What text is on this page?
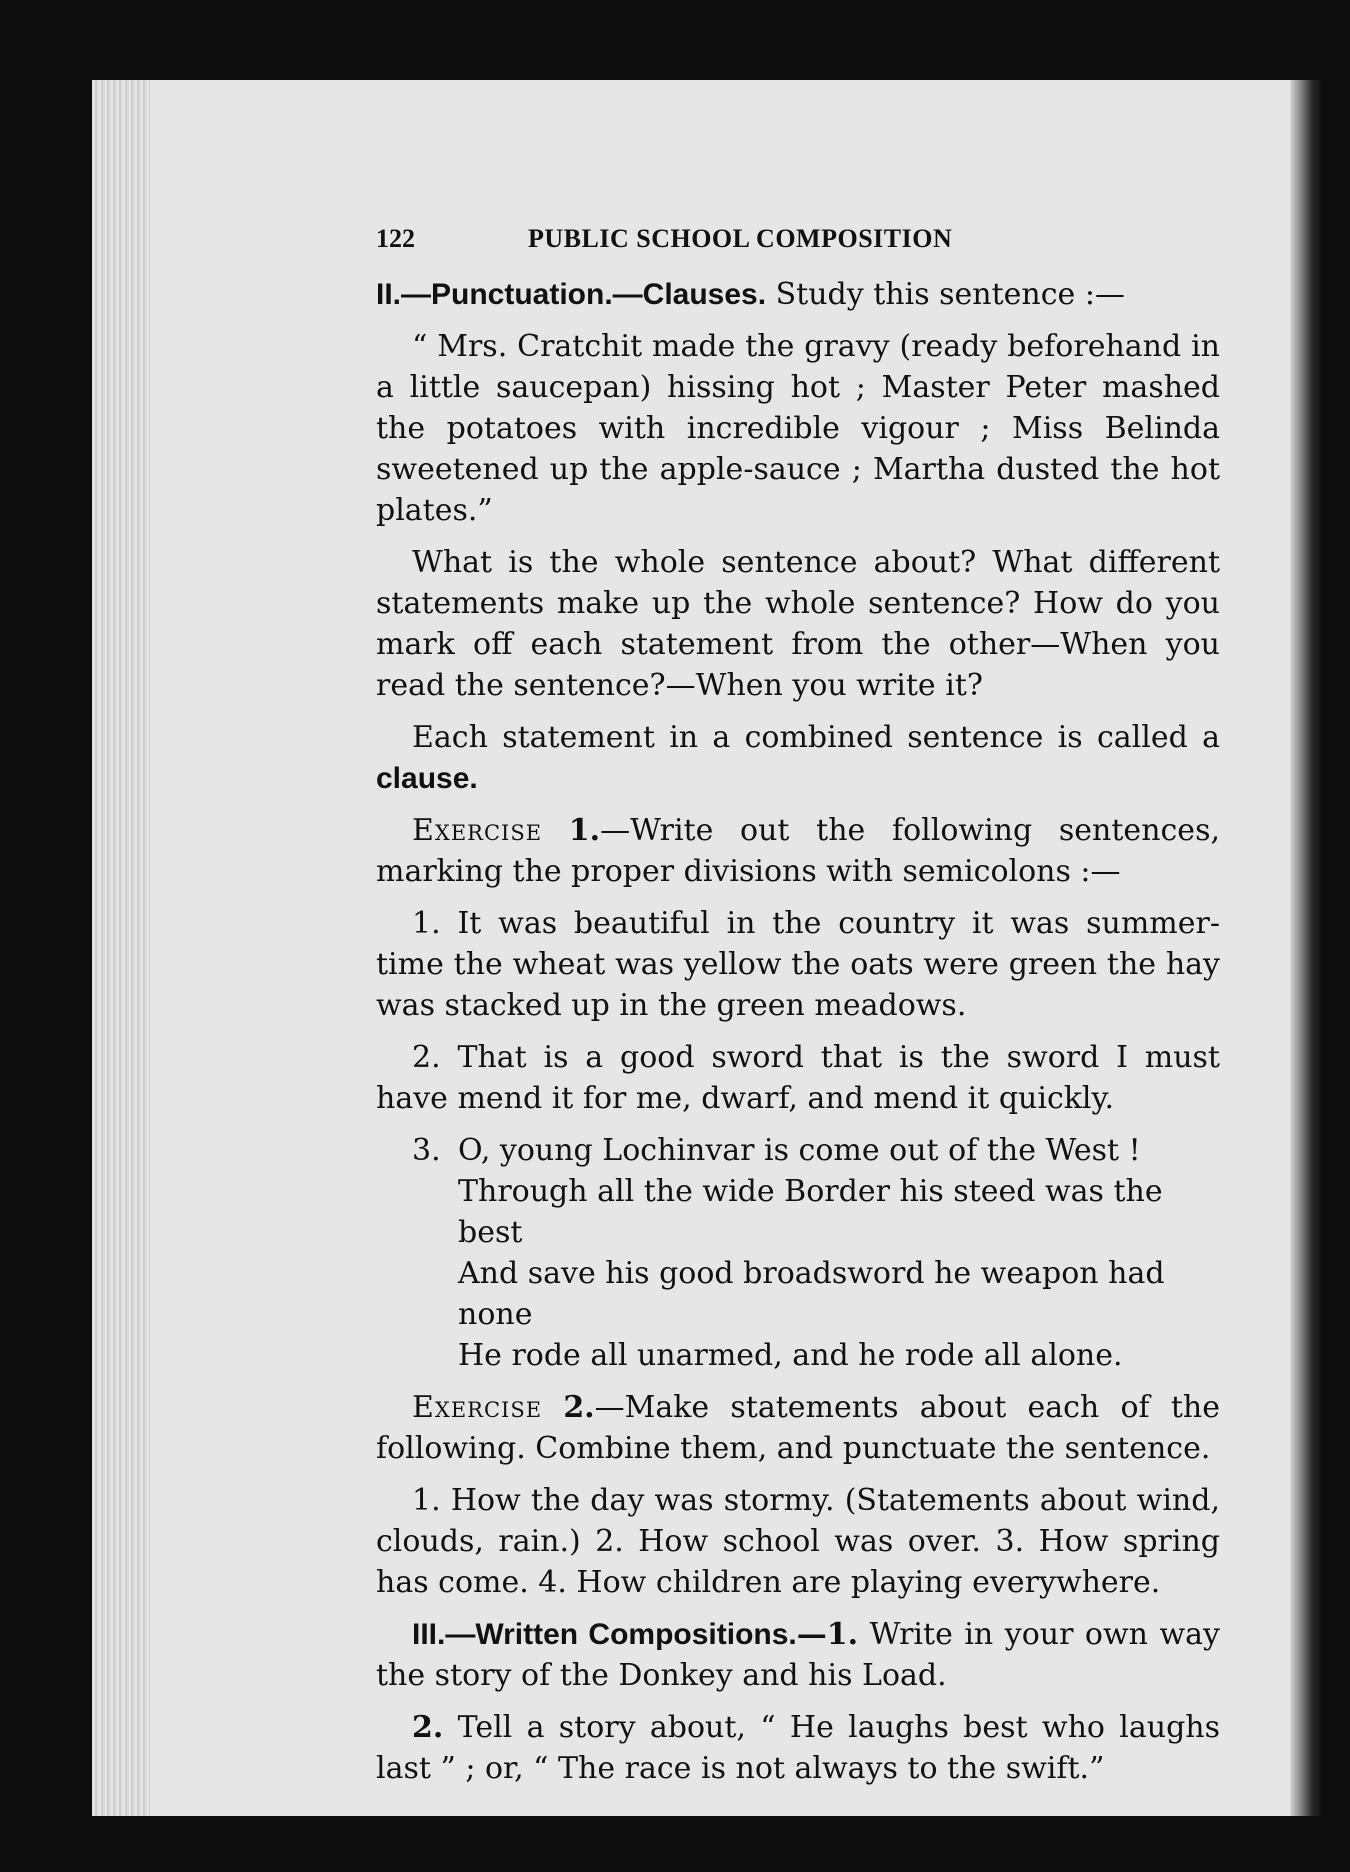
122	PUBLIC SCHOOL COMPOSITION

II.—Punctuation.—Clauses. Study this sentence :—

“ Mrs. Cratchit made the gravy (ready beforehand in a little saucepan) hissing hot ; Master Peter mashed the potatoes with incredible vigour ; Miss Belinda sweetened up the apple-sauce ; Martha dusted the hot plates.”

What is the whole sentence about? What different statements make up the whole sentence? How do you mark off each statement from the other—When you read the sentence?—When you write it?

Each statement in a combined sentence is called a clause.

Exercise 1.—Write out the following sentences, marking the proper divisions with semicolons :—

1. It was beautiful in the country it was summer-time the wheat was yellow the oats were green the hay was stacked up in the green meadows.

2. That is a good sword that is the sword I must have mend it for me, dwarf, and mend it quickly.

3. O, young Lochinvar is come out of the West !
Through all the wide Border his steed was the best
And save his good broadsword he weapon had none
He rode all unarmed, and he rode all alone.

Exercise 2.—Make statements about each of the following. Combine them, and punctuate the sentence.

1. How the day was stormy. (Statements about wind, clouds, rain.) 2. How school was over. 3. How spring has come. 4. How children are playing everywhere.

III.—Written Compositions.—1. Write in your own way the story of the Donkey and his Load.

2. Tell a story about, “ He laughs best who laughs last ” ; or, “ The race is not always to the swift.”
